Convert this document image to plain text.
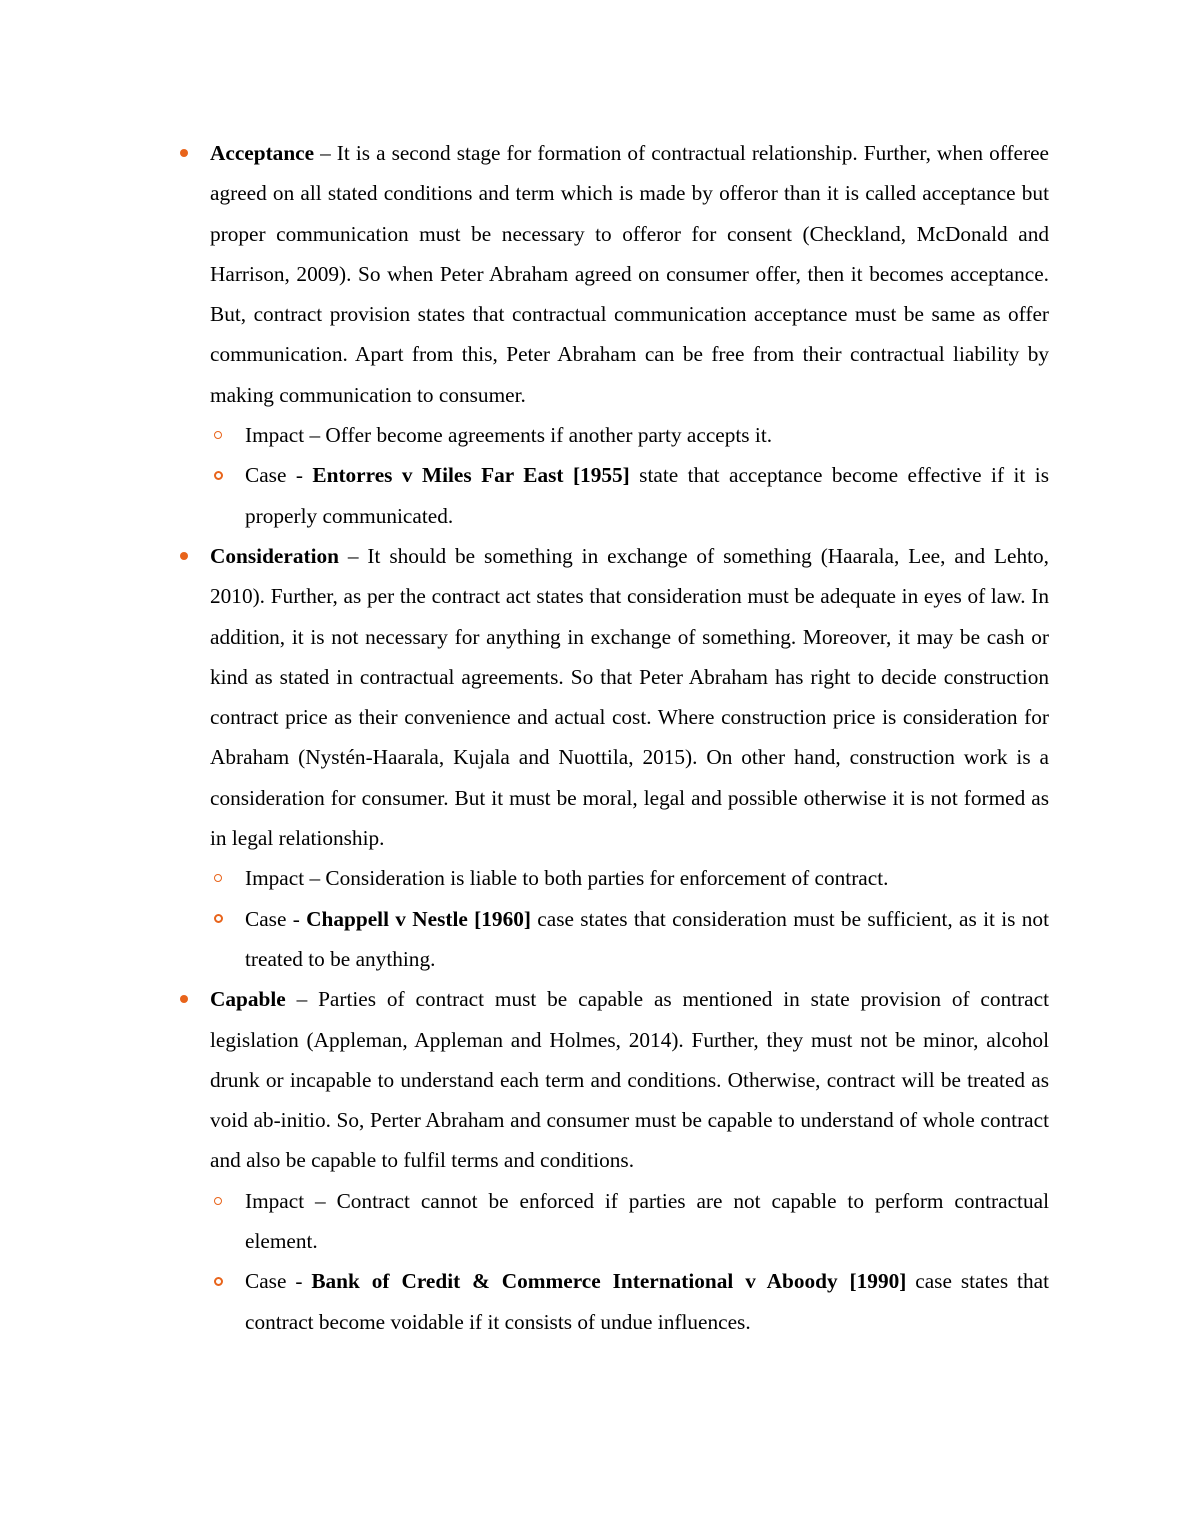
Acceptance – It is a second stage for formation of contractual relationship. Further, when offeree agreed on all stated conditions and term which is made by offeror than it is called acceptance but proper communication must be necessary to offeror for consent (Checkland, McDonald and Harrison, 2009). So when Peter Abraham agreed on consumer offer, then it becomes acceptance. But, contract provision states that contractual communication acceptance must be same as offer communication. Apart from this, Peter Abraham can be free from their contractual liability by making communication to consumer.

Impact – Offer become agreements if another party accepts it.

Case - Entorres v Miles Far East [1955] state that acceptance become effective if it is properly communicated.

Consideration – It should be something in exchange of something (Haarala, Lee, and Lehto, 2010). Further, as per the contract act states that consideration must be adequate in eyes of law. In addition, it is not necessary for anything in exchange of something. Moreover, it may be cash or kind as stated in contractual agreements. So that Peter Abraham has right to decide construction contract price as their convenience and actual cost. Where construction price is consideration for Abraham (Nystén-Haarala, Kujala and Nuottila, 2015). On other hand, construction work is a consideration for consumer. But it must be moral, legal and possible otherwise it is not formed as in legal relationship.

Impact – Consideration is liable to both parties for enforcement of contract.

Case - Chappell v Nestle [1960] case states that consideration must be sufficient, as it is not treated to be anything.

Capable – Parties of contract must be capable as mentioned in state provision of contract legislation (Appleman, Appleman and Holmes, 2014). Further, they must not be minor, alcohol drunk or incapable to understand each term and conditions. Otherwise, contract will be treated as void ab-initio. So, Perter Abraham and consumer must be capable to understand of whole contract and also be capable to fulfil terms and conditions.

Impact – Contract cannot be enforced if parties are not capable to perform contractual element.

Case - Bank of Credit & Commerce International v Aboody [1990] case states that contract become voidable if it consists of undue influences.
